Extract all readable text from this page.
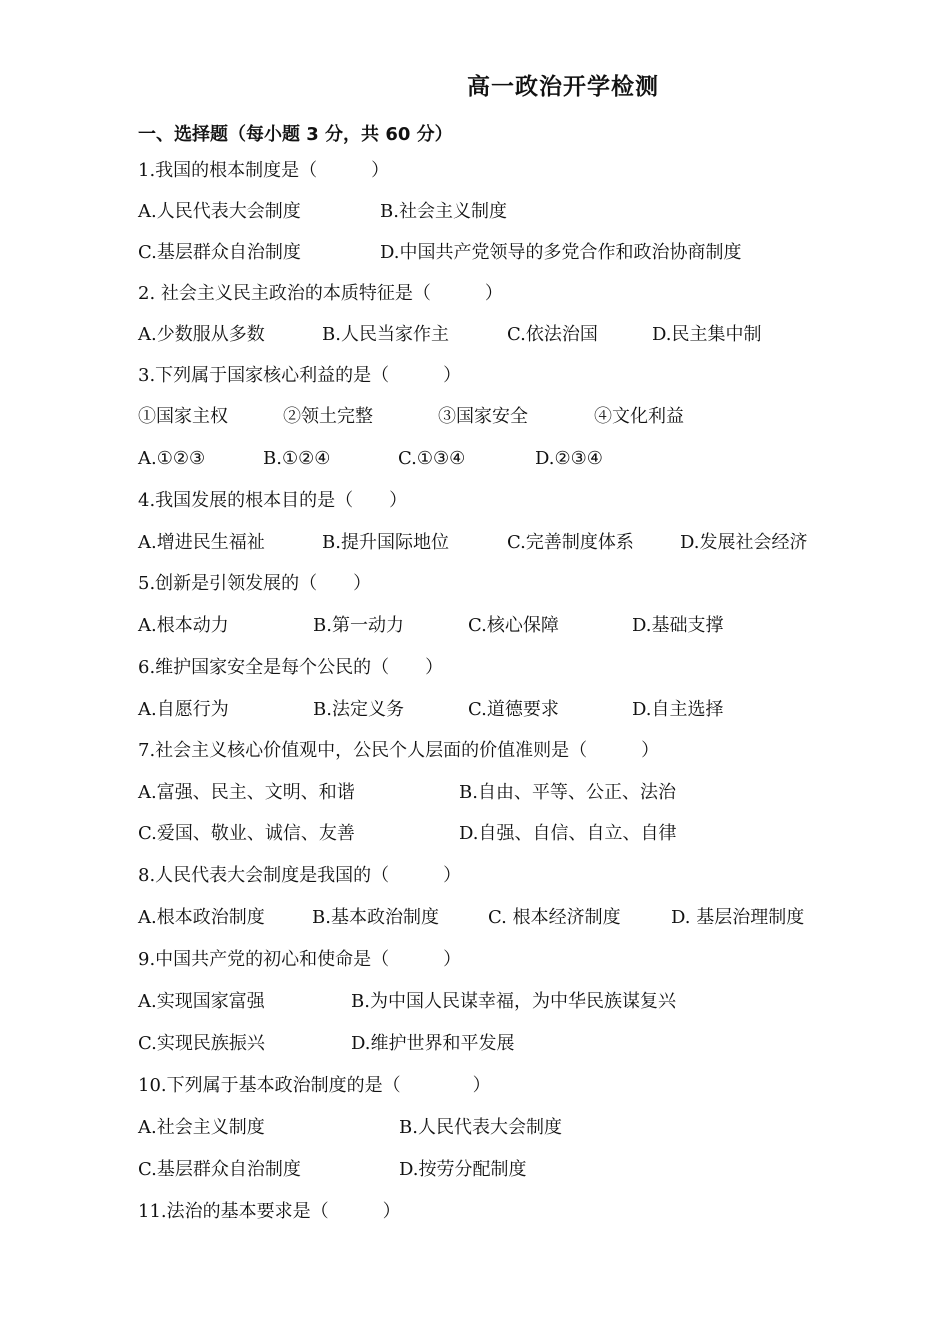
高一政治开学检测
一、选择题（每小题 3 分，共 60 分）
1.我国的根本制度是（　　　）
A.人民代表大会制度	B.社会主义制度
C.基层群众自治制度	D.中国共产党领导的多党合作和政治协商制度
2. 社会主义民主政治的本质特征是（　　　）
A.少数服从多数	B.人民当家作主	C.依法治国	D.民主集中制
3.下列属于国家核心利益的是（　　　）
①国家主权	②领土完整	③国家安全	④文化利益
A.①②③	B.①②④	C.①③④	D.②③④
4.我国发展的根本目的是（　　）
A.增进民生福祉	B.提升国际地位	C.完善制度体系	D.发展社会经济
5.创新是引领发展的（　　）
A.根本动力	B.第一动力	C.核心保障	D.基础支撑
6.维护国家安全是每个公民的（　　）
A.自愿行为	B.法定义务	C.道德要求	D.自主选择
7.社会主义核心价值观中，公民个人层面的价值准则是（　　　）
A.富强、民主、文明、和谐	B.自由、平等、公正、法治
C.爱国、敬业、诚信、友善	D.自强、自信、自立、自律
8.人民代表大会制度是我国的（　　　）
A.根本政治制度	B.基本政治制度	C. 根本经济制度	D. 基层治理制度
9.中国共产党的初心和使命是（　　　）
A.实现国家富强	B.为中国人民谋幸福，为中华民族谋复兴
C.实现民族振兴	D.维护世界和平发展
10.下列属于基本政治制度的是（　　　　）
A.社会主义制度	B.人民代表大会制度
C.基层群众自治制度	D.按劳分配制度
11.法治的基本要求是（　　　）
